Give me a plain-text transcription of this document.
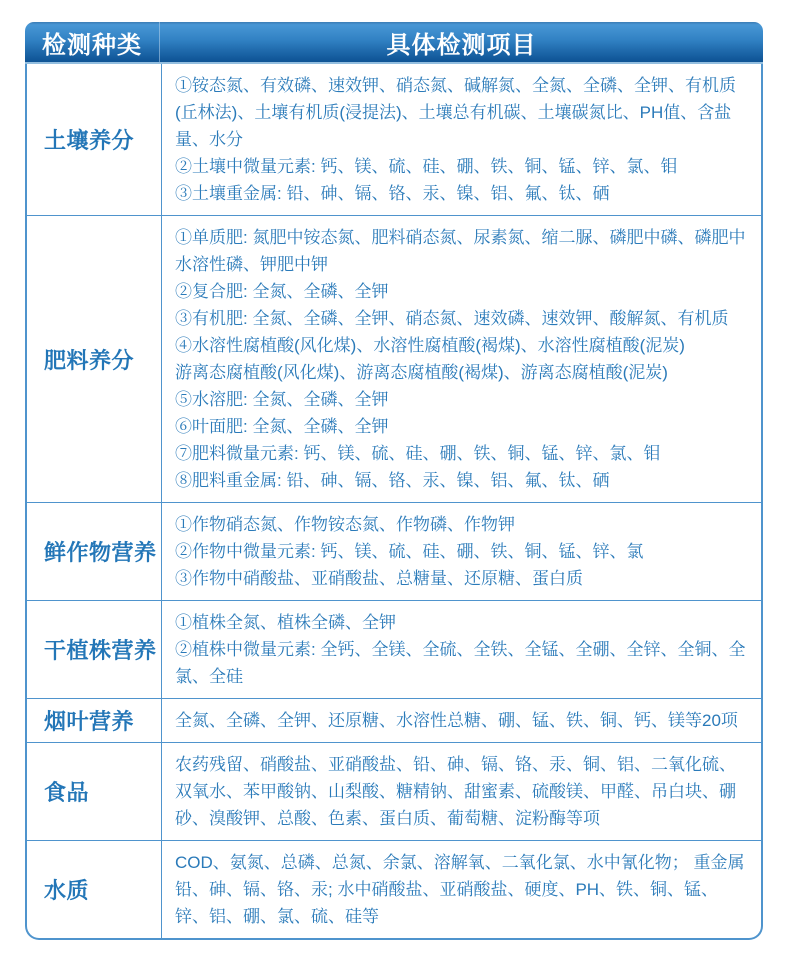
检测种类	具体检测项目
土壤养分
①铵态氮、有效磷、速效钾、硝态氮、碱解氮、全氮、全磷、全钾、有机质(丘林法)、土壤有机质(浸提法)、土壤总有机碳、土壤碳氮比、PH值、含盐量、水分
②土壤中微量元素: 钙、镁、硫、硅、硼、铁、铜、锰、锌、氯、钼
③土壤重金属: 铅、砷、镉、铬、汞、镍、铝、氟、钛、硒
肥料养分
①单质肥: 氮肥中铵态氮、肥料硝态氮、尿素氮、缩二脲、磷肥中磷、磷肥中水溶性磷、钾肥中钾
②复合肥: 全氮、全磷、全钾
③有机肥: 全氮、全磷、全钾、硝态氮、速效磷、速效钾、酸解氮、有机质
④水溶性腐植酸(风化煤)、水溶性腐植酸(褐煤)、水溶性腐植酸(泥炭)
游离态腐植酸(风化煤)、游离态腐植酸(褐煤)、游离态腐植酸(泥炭)
⑤水溶肥: 全氮、全磷、全钾
⑥叶面肥: 全氮、全磷、全钾
⑦肥料微量元素: 钙、镁、硫、硅、硼、铁、铜、锰、锌、氯、钼
⑧肥料重金属: 铅、砷、镉、铬、汞、镍、铝、氟、钛、硒
鲜作物营养
①作物硝态氮、作物铵态氮、作物磷、作物钾
②作物中微量元素: 钙、镁、硫、硅、硼、铁、铜、锰、锌、氯
③作物中硝酸盐、亚硝酸盐、总糖量、还原糖、蛋白质
干植株营养
①植株全氮、植株全磷、全钾
②植株中微量元素: 全钙、全镁、全硫、全铁、全锰、全硼、全锌、全铜、全氯、全硅
烟叶营养	全氮、全磷、全钾、还原糖、水溶性总糖、硼、锰、铁、铜、钙、镁等20项
食品
农药残留、硝酸盐、亚硝酸盐、铅、砷、镉、铬、汞、铜、铝、二氧化硫、双氧水、苯甲酸钠、山梨酸、糖精钠、甜蜜素、硫酸镁、甲醛、吊白块、硼砂、溴酸钾、总酸、色素、蛋白质、葡萄糖、淀粉酶等项
水质
COD、氨氮、总磷、总氮、余氯、溶解氧、二氧化氯、水中氰化物； 重金属铅、砷、镉、铬、汞; 水中硝酸盐、亚硝酸盐、硬度、PH、铁、铜、锰、锌、铝、硼、氯、硫、硅等
